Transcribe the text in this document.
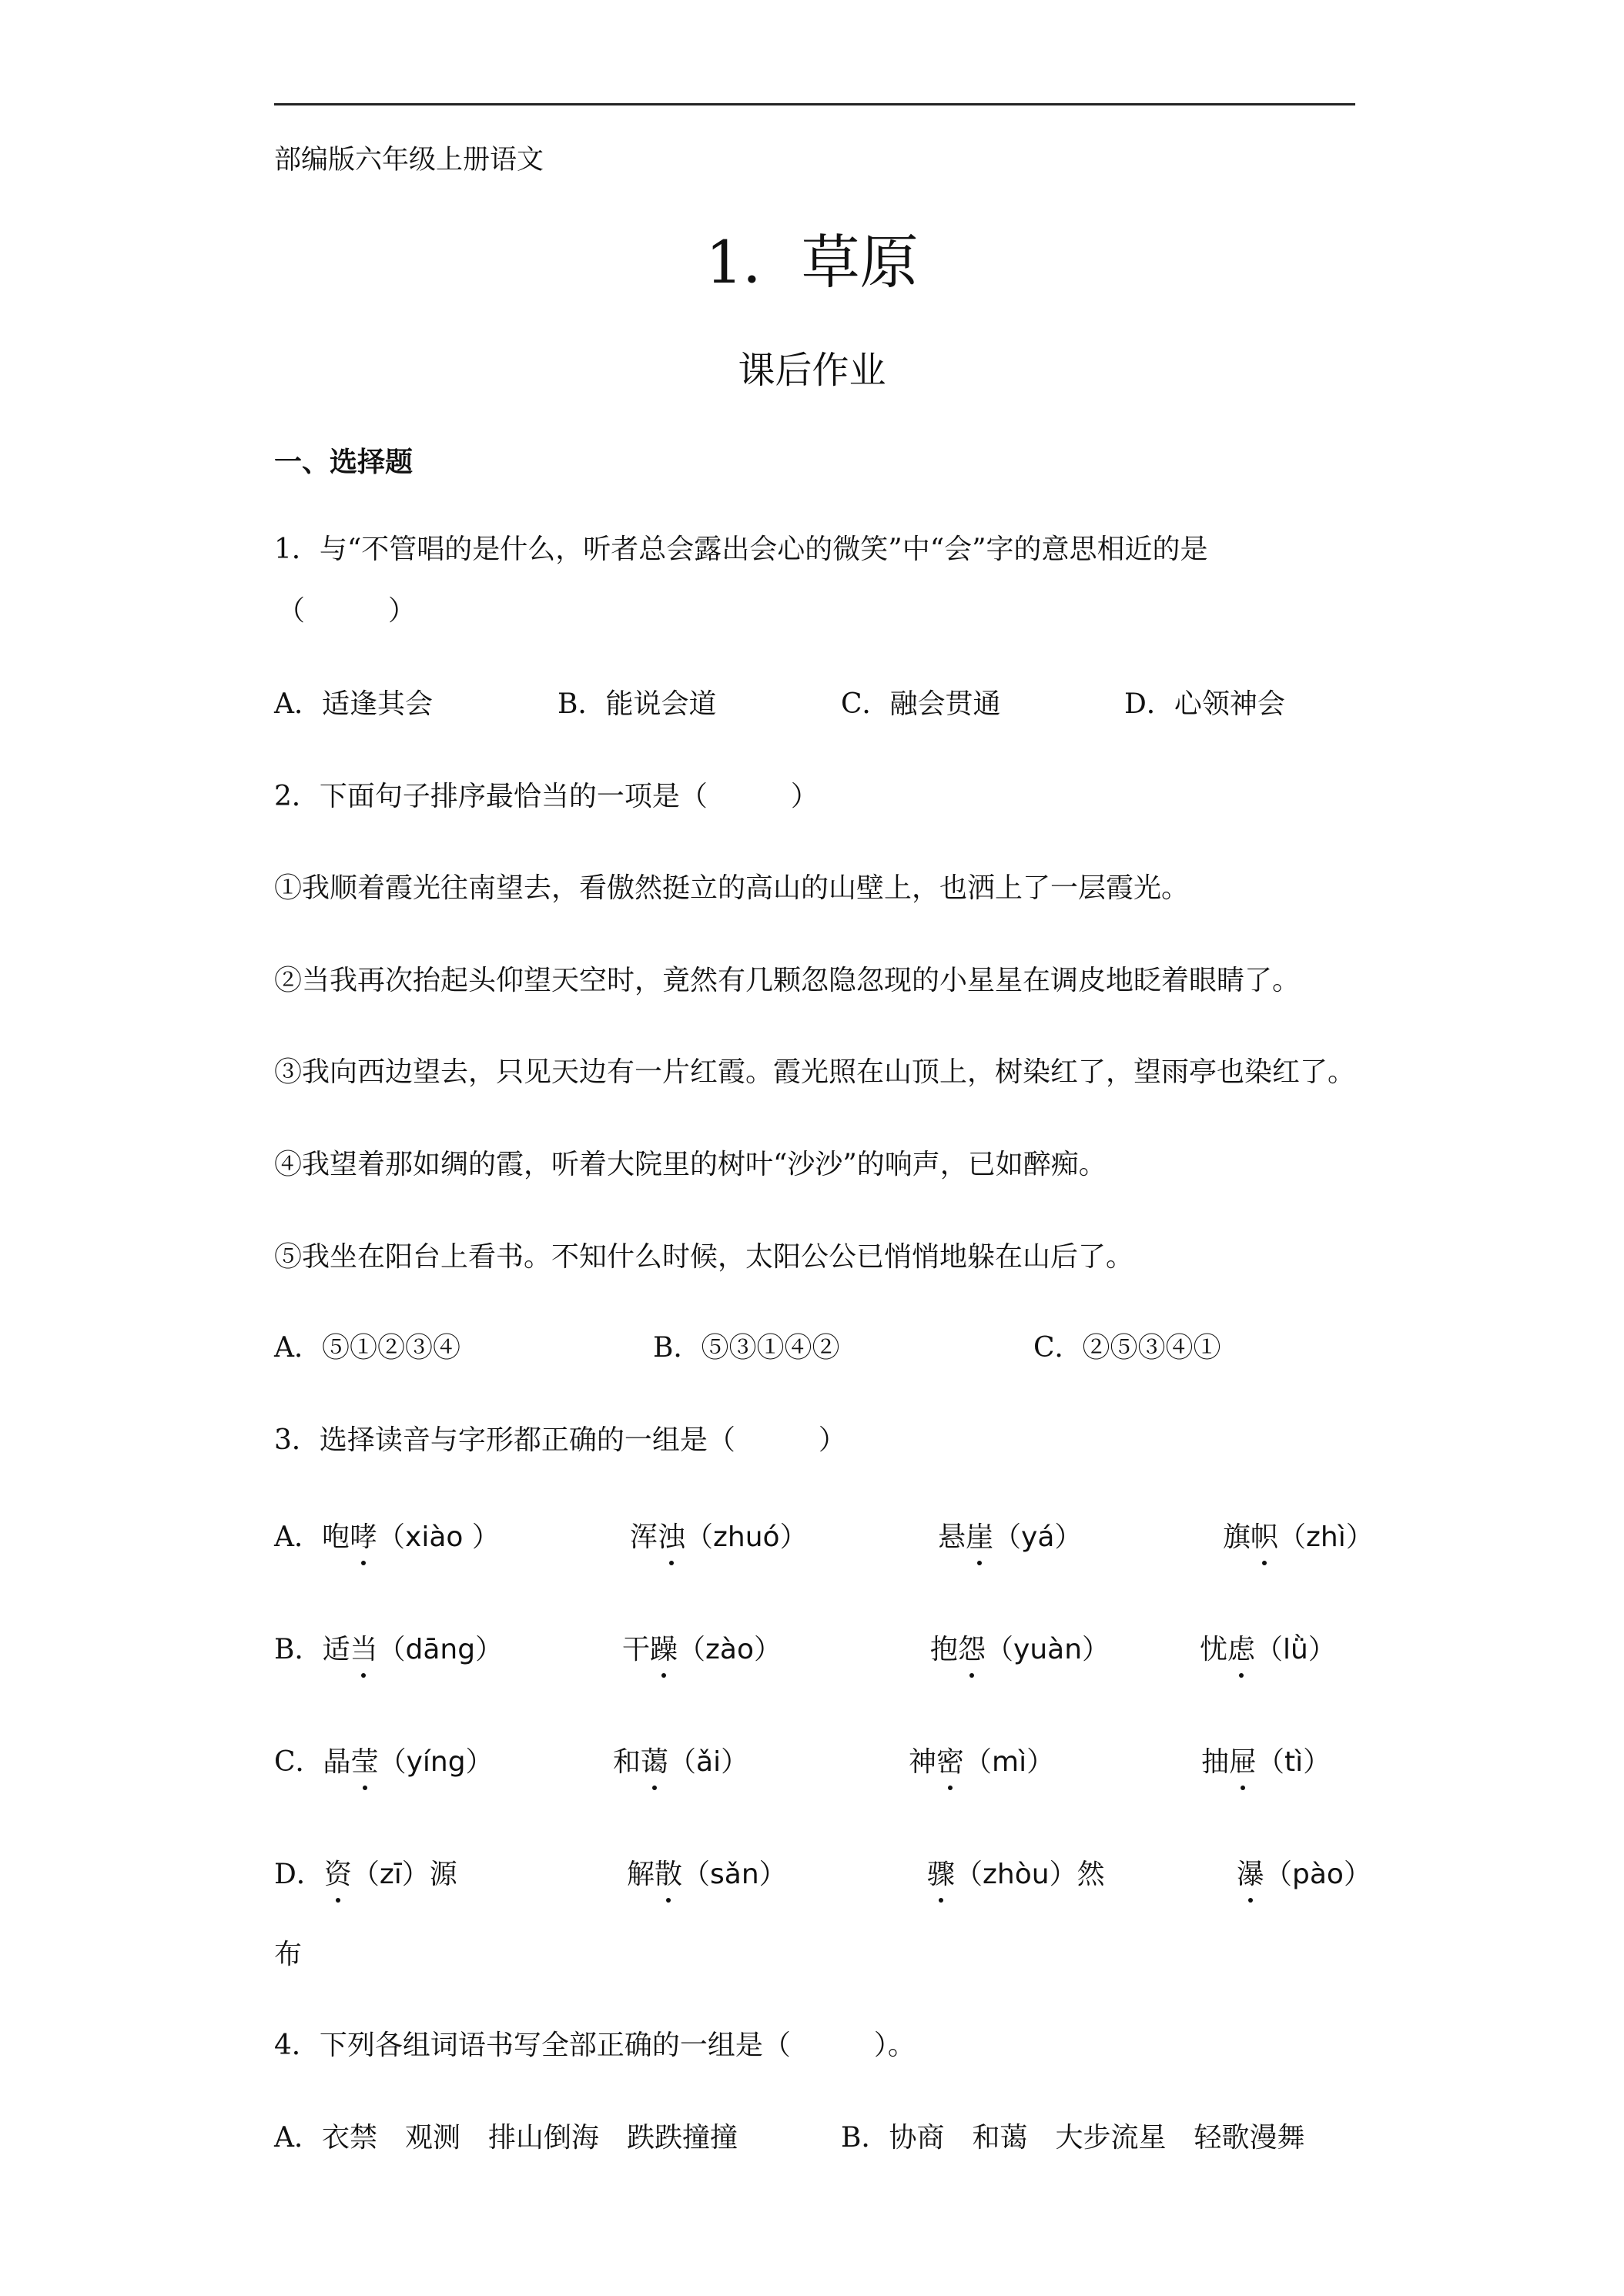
部编版六年级上册语文
1．草原
课后作业
一、选择题
1．与“不管唱的是什么，听者总会露出会心的微笑”中“会”字的意思相近的是
（　　　）
A．适逢其会	B．能说会道	C．融会贯通	D．心领神会
2．下面句子排序最恰当的一项是（　　　）
①我顺着霞光往南望去，看傲然挺立的高山的山壁上，也洒上了一层霞光。
②当我再次抬起头仰望天空时，竟然有几颗忽隐忽现的小星星在调皮地眨着眼睛了。
③我向西边望去，只见天边有一片红霞。霞光照在山顶上，树染红了，望雨亭也染红了。
④我望着那如绸的霞，听着大院里的树叶“沙沙”的响声，已如醉痴。
⑤我坐在阳台上看书。不知什么时候，太阳公公已悄悄地躲在山后了。
A．⑤①②③④	B．⑤③①④②	C．②⑤③④①
3．选择读音与字形都正确的一组是（　　　）
A．咆哮（xiào ）	浑浊（zhuó）	悬崖（yá）	旗帜（zhì）
B．适当（dāng）	干躁（zào）	抱怨（yuàn）	忧虑（lǜ）
C．晶莹（yíng）	和蔼（ǎi）	神密（mì）	抽屉（tì）
D．资（zī）源	解散（sǎn）	骤（zhòu）然	瀑（pào）
布
4．下列各组词语书写全部正确的一组是（　　　）。
A．衣禁　观测　排山倒海　跌跌撞撞	B．协商　和蔼　大步流星　轻歌漫舞
